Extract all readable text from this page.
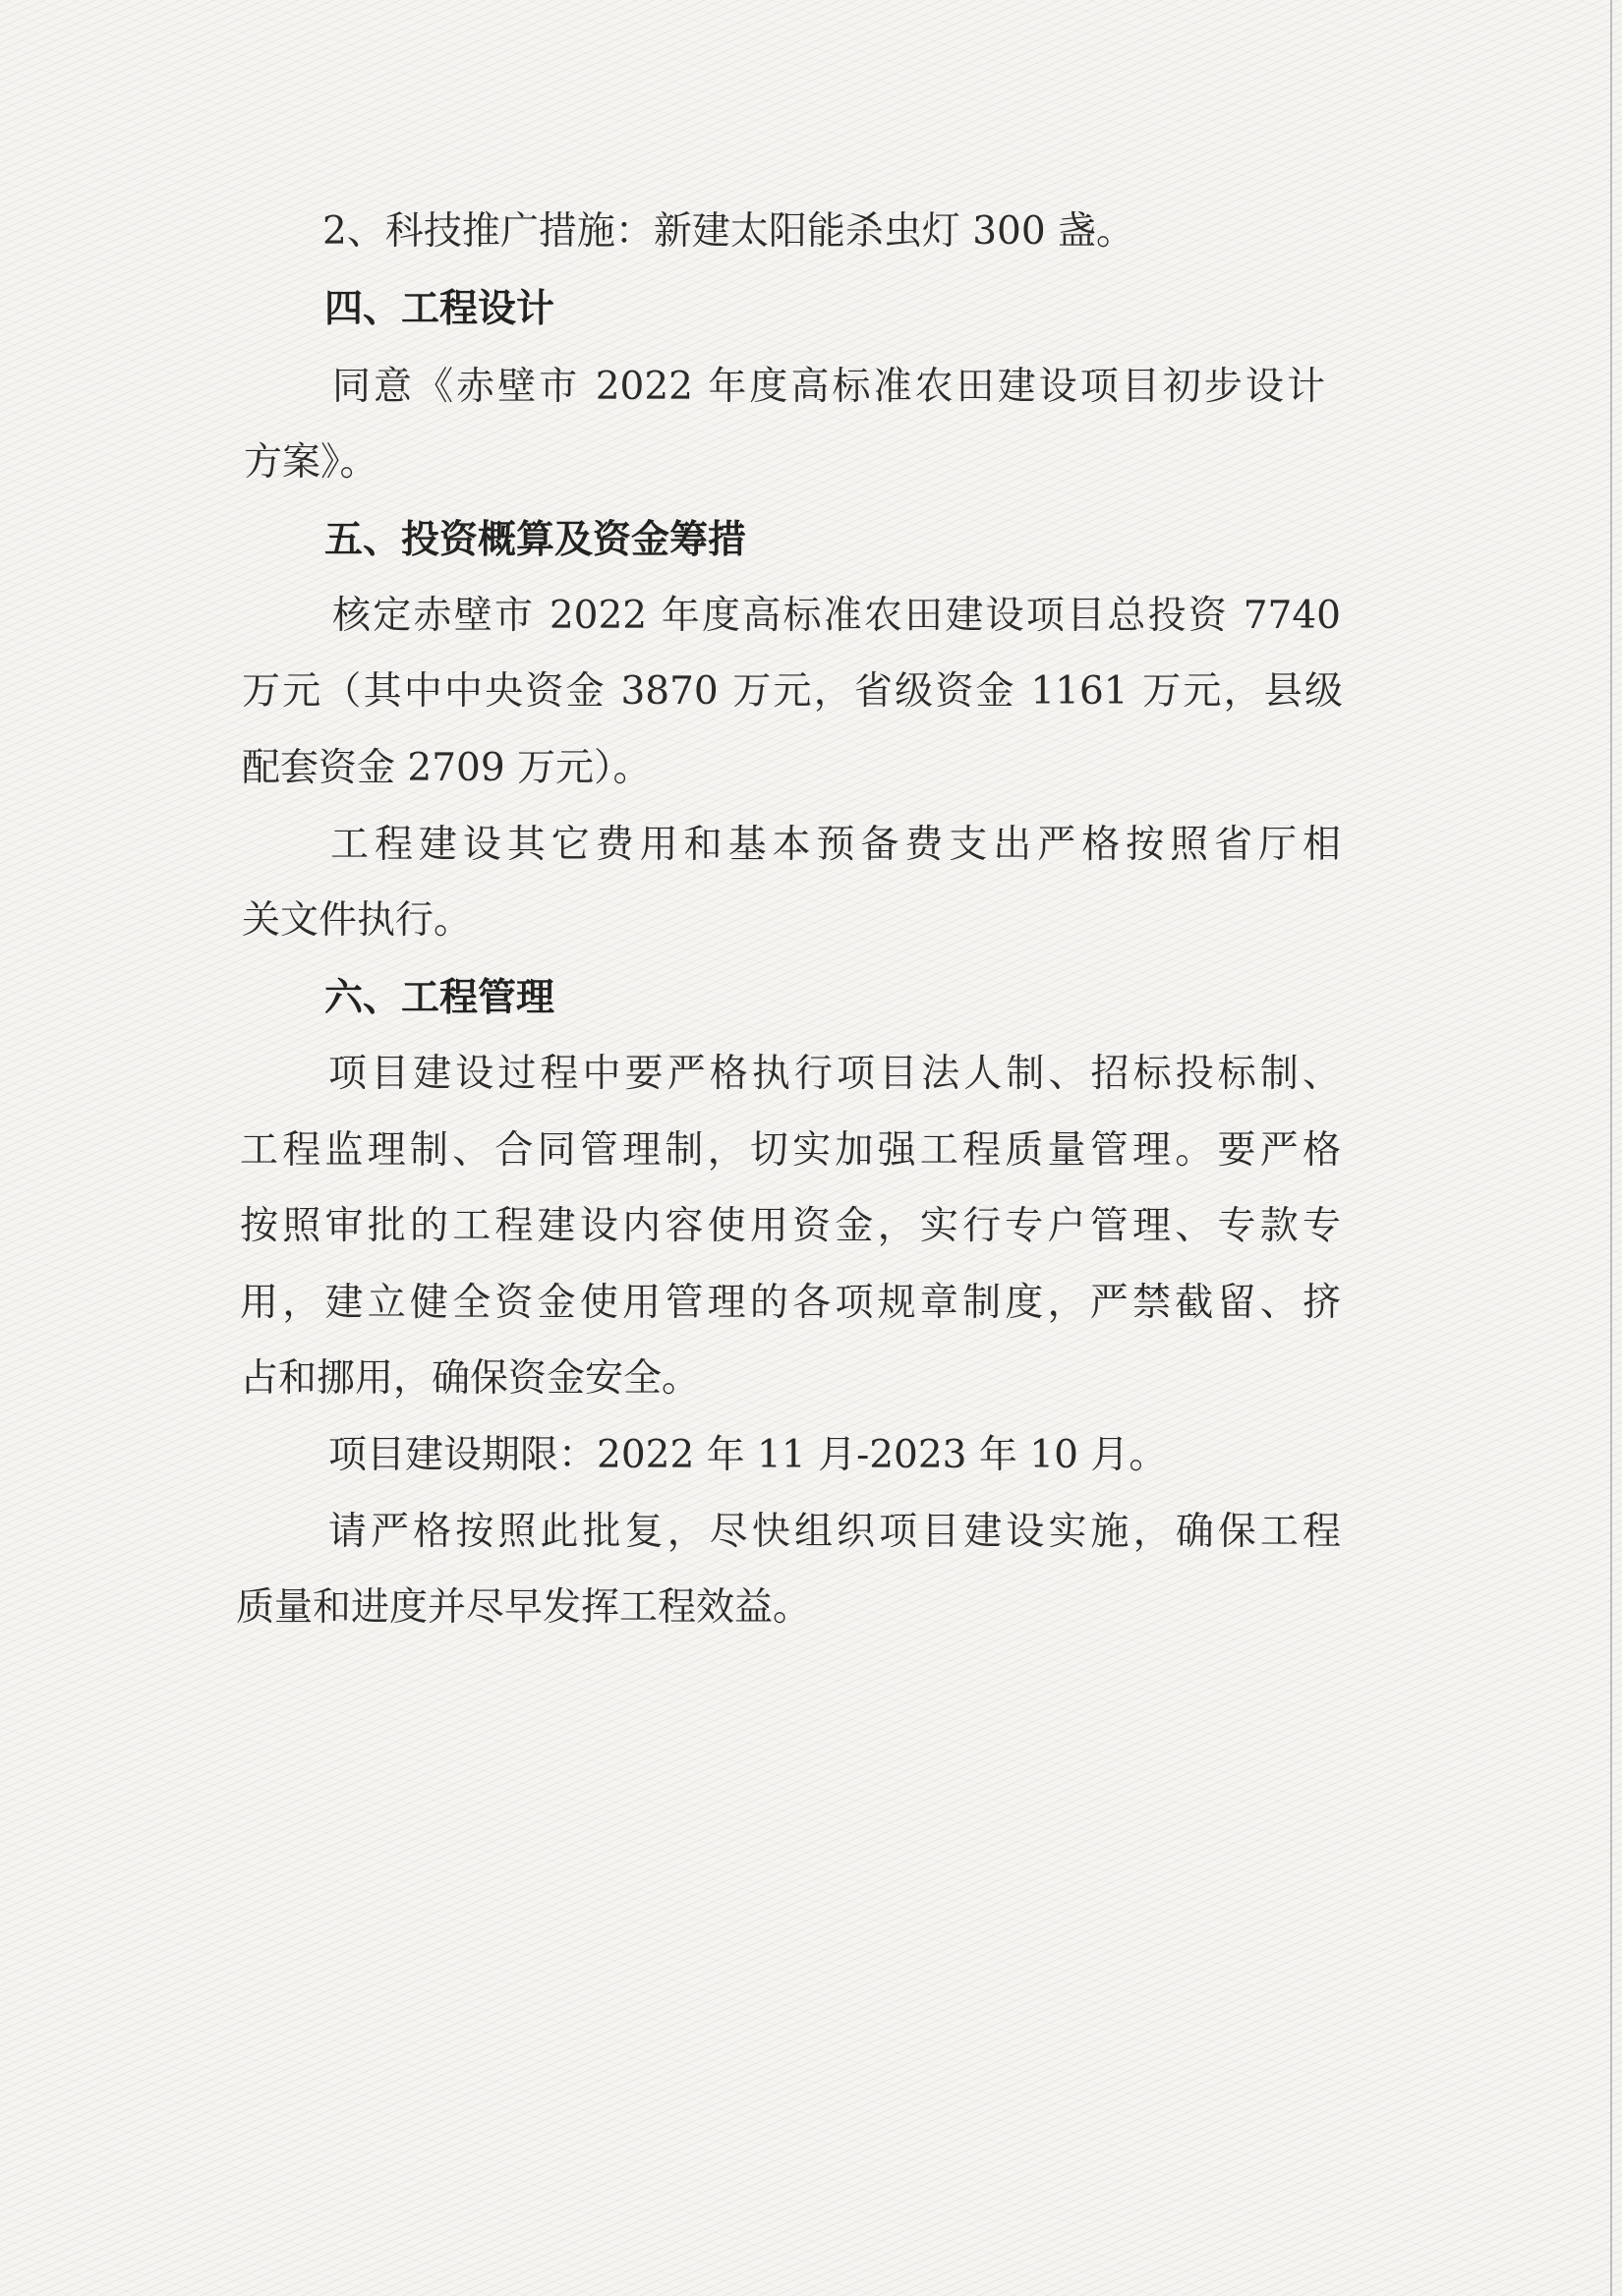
2、科技推广措施：新建太阳能杀虫灯 300 盏。
四、工程设计
同意《赤壁市 2022 年度高标准农田建设项目初步设计
方案》。
五、投资概算及资金筹措
核定赤壁市 2022 年度高标准农田建设项目总投资 7740
万元（其中中央资金 3870 万元，省级资金 1161 万元，县级
配套资金 2709 万元）。
工程建设其它费用和基本预备费支出严格按照省厅相
关文件执行。
六、工程管理
项目建设过程中要严格执行项目法人制、招标投标制、
工程监理制、合同管理制，切实加强工程质量管理。要严格
按照审批的工程建设内容使用资金，实行专户管理、专款专
用，建立健全资金使用管理的各项规章制度，严禁截留、挤
占和挪用，确保资金安全。
项目建设期限：2022 年 11 月-2023 年 10 月。
请严格按照此批复，尽快组织项目建设实施，确保工程
质量和进度并尽早发挥工程效益。
